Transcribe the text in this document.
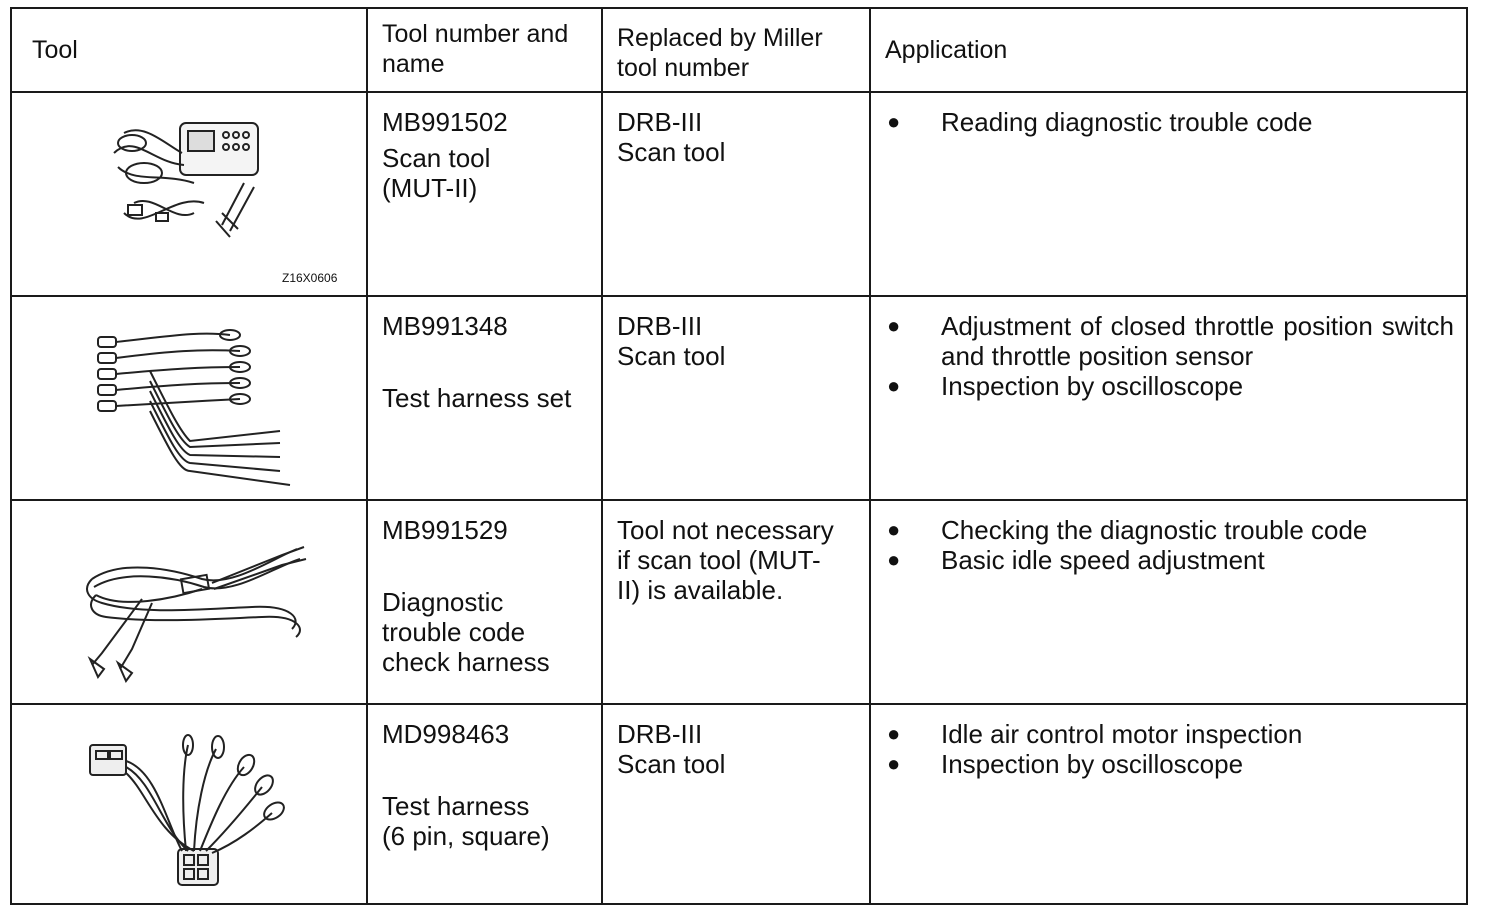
Tool
Tool number and name
Replaced by Miller tool number
Application
Z16X0606
MB991502
Scan tool
(MUT-II)
DRB-III
Scan tool
● Reading diagnostic trouble code
MB991348
Test harness set
DRB-III
Scan tool
● Adjustment of closed throttle position switch and throttle position sensor
● Inspection by oscilloscope
MB991529
Diagnostic
trouble code
check harness
Tool not necessary
if scan tool (MUT-
II) is available.
● Checking the diagnostic trouble code
● Basic idle speed adjustment
MD998463
Test harness
(6 pin, square)
DRB-III
Scan tool
● Idle air control motor inspection
● Inspection by oscilloscope
